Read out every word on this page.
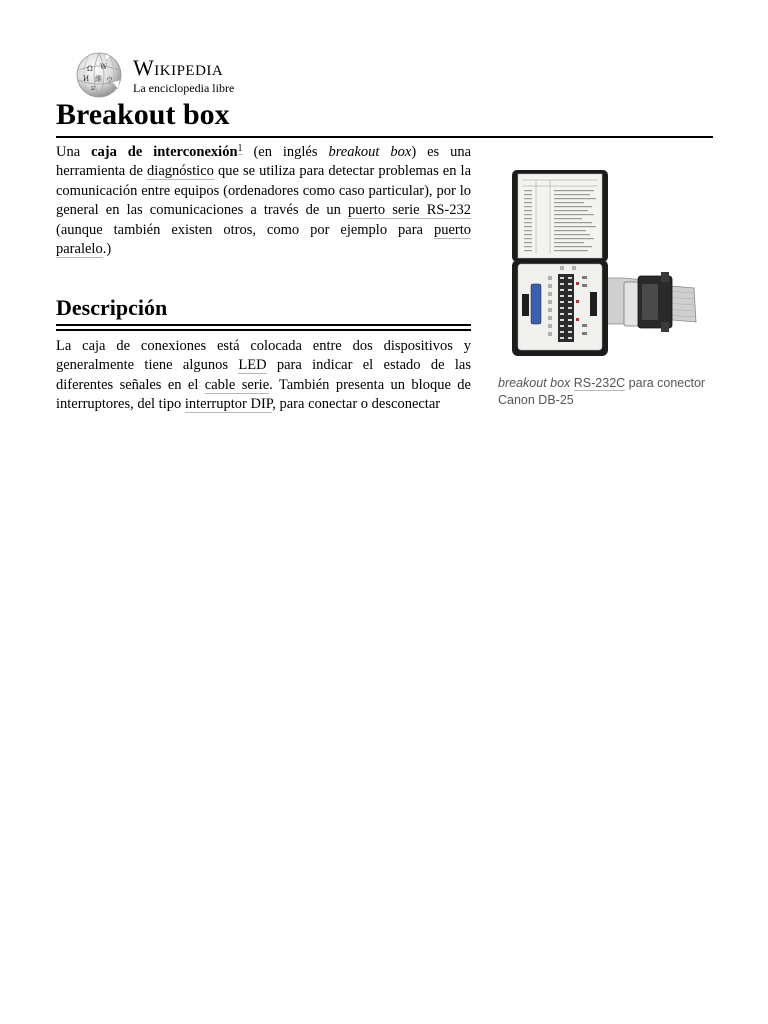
Ω W
И 維 ウ
ע
Wikipedia
La enciclopedia libre
Breakout box

Una caja de interconexión$^1$ (en inglés breakout box) es una herramienta de diagnóstico que se utiliza para detectar problemas en la comunicación entre equipos (ordenadores como caso particular), por lo general en las comunicaciones a través de un puerto serie RS-232 (aunque también existen otros, como por ejemplo para puerto paralelo.)

Descripción

La caja de conexiones está colocada entre dos dispositivos y generalmente tiene algunos LED para indicar el estado de las diferentes señales en el cable serie. También presenta un bloque de interruptores, del tipo interruptor DIP, para conectar o desconectar

breakout box RS-232C para conector Canon DB-25
